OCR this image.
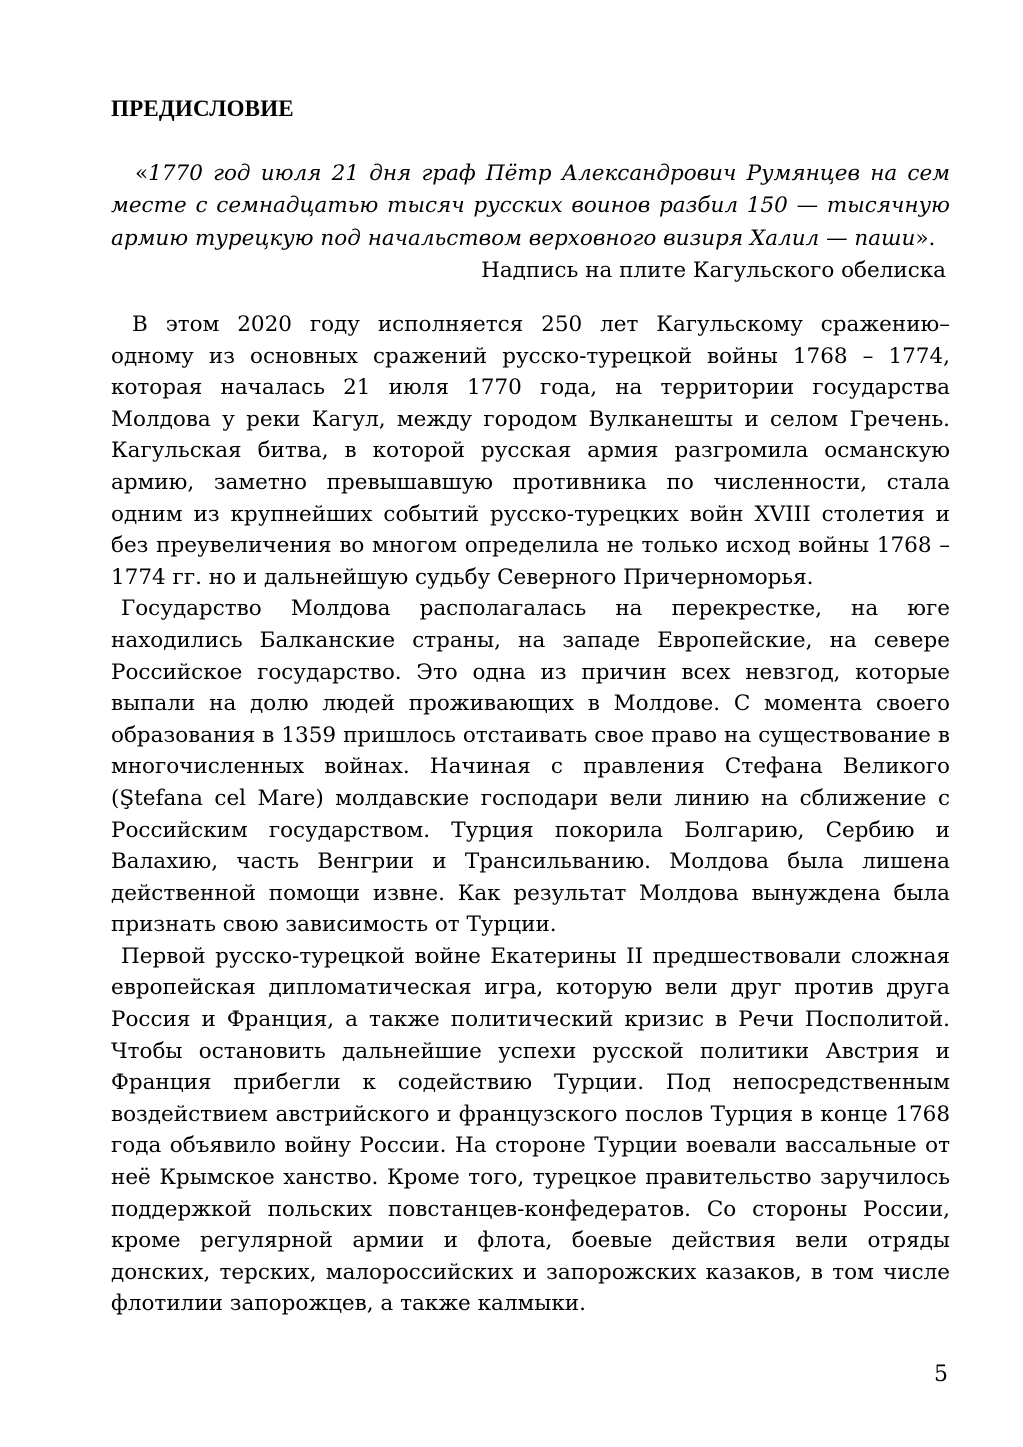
ПРЕДИСЛОВИЕ
«1770 год июля 21 дня граф Пётр Александрович Румянцев на сем месте с семнадцатью тысяч русских воинов разбил 150 — тысячную армию турецкую под начальством верховного визиря Халил — паши».
Надпись на плите Кагульского обелиска

В этом 2020 году исполняется 250 лет Кагульскому сражению– одному из основных сражений русско-турецкой войны 1768 – 1774, которая началась 21 июля 1770 года, на территории государства Молдова у реки Кагул, между городом Вулканешты и селом Гречень. Кагульская битва, в которой русская армия разгромила османскую армию, заметно превышавшую противника по численности, стала одним из крупнейших событий русско-турецких войн XVIII столетия и без преувеличения во многом определила не только исход войны 1768 – 1774 гг. но и дальнейшую судьбу Северного Причерноморья.

Государство Молдова располагалась на перекрестке, на юге находились Балканские страны, на западе Европейские, на севере Российское государство. Это одна из причин всех невзгод, которые выпали на долю людей проживающих в Молдове. С момента своего образования в 1359 пришлось отстаивать свое право на существование в многочисленных войнах. Начиная с правления Стефана Великого (Ştefana cel Mare) молдавские господари вели линию на сближение с Российским государством. Турция покорила Болгарию, Сербию и Валахию, часть Венгрии и Трансильванию. Молдова была лишена действенной помощи извне. Как результат Молдова вынуждена была признать свою зависимость от Турции.

Первой русско-турецкой войне Екатерины II предшествовали сложная европейская дипломатическая игра, которую вели друг против друга Россия и Франция, а также политический кризис в Речи Посполитой. Чтобы остановить дальнейшие успехи русской политики Австрия и Франция прибегли к содействию Турции. Под непосредственным воздействием австрийского и французского послов Турция в конце 1768 года объявило войну России. На стороне Турции воевали вассальные от неё Крымское ханство. Кроме того, турецкое правительство заручилось поддержкой польских повстанцев-конфедератов. Со стороны России, кроме регулярной армии и флота, боевые действия вели отряды донских, терских, малороссийских и запорожских казаков, в том числе флотилии запорожцев, а также калмыки.

5
